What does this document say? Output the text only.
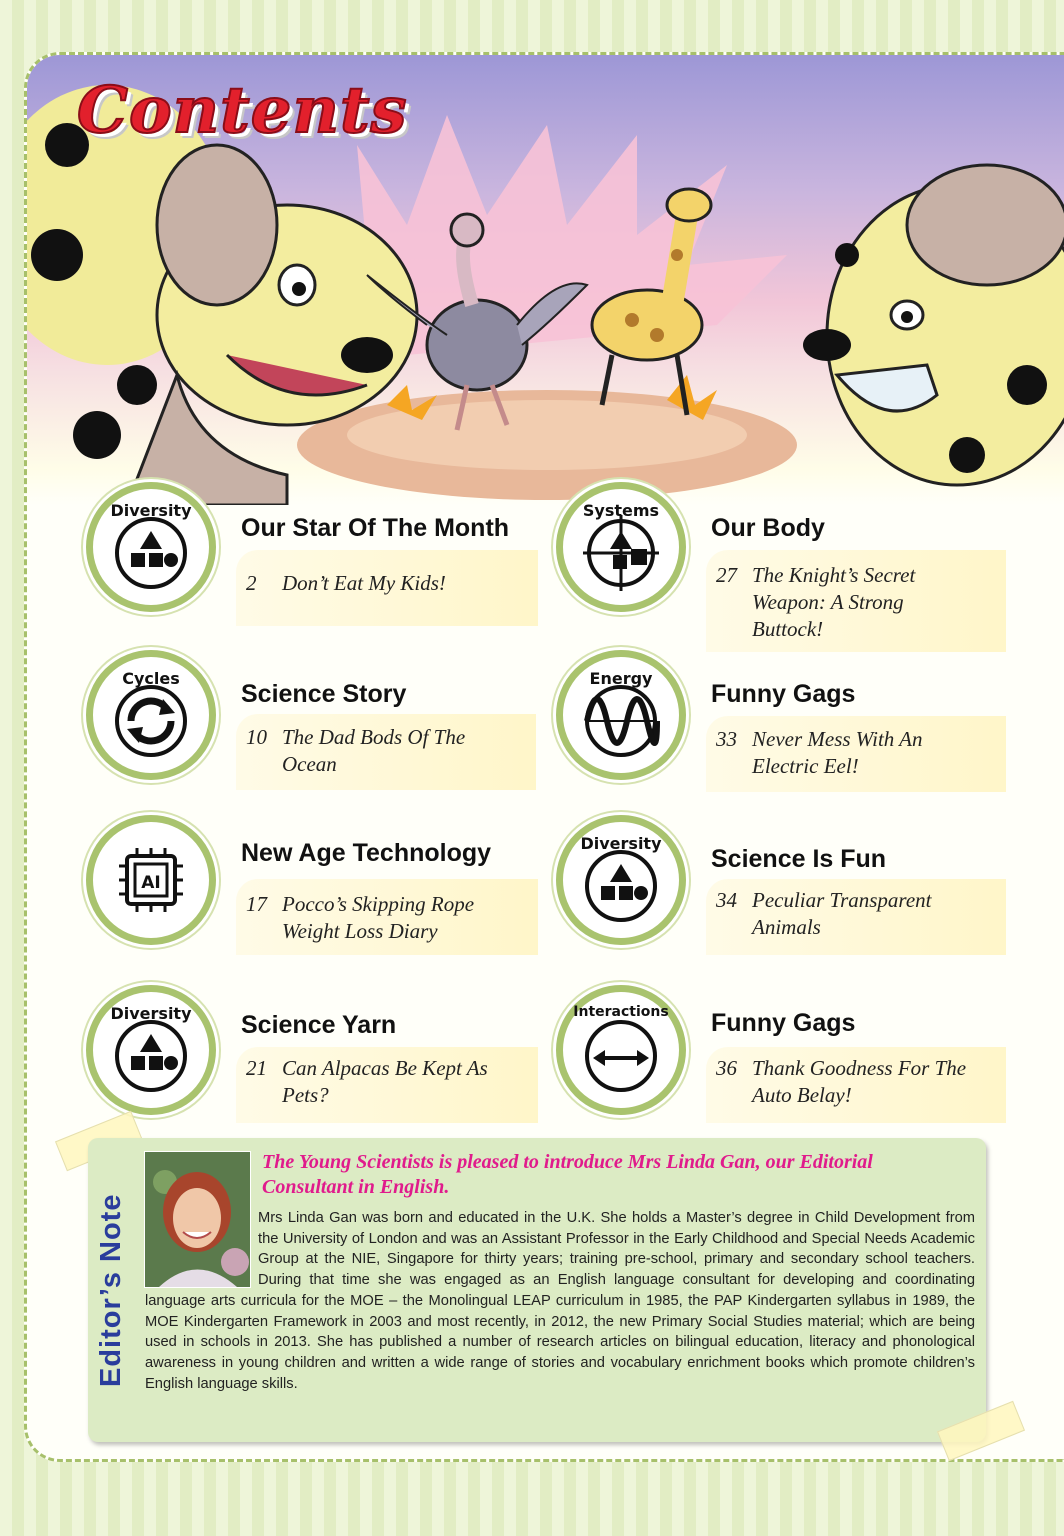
Contents
Diversity
Our Star Of The Month
2 Don’t Eat My Kids!
Systems
Our Body
27 The Knight’s Secret Weapon: A Strong Buttock!
Cycles
Science Story
10 The Dad Bods Of The Ocean
Energy
Funny Gags
33 Never Mess With An Electric Eel!
AI
New Age Technology
17 Pocco’s Skipping Rope Weight Loss Diary
Diversity
Science Is Fun
34 Peculiar Transparent Animals
Diversity	Science Yarn
21 Can Alpacas Be Kept As Pets?
Interactions	Funny Gags
36 Thank Goodness For The Auto Belay!
Editor’s Note
The Young Scientists is pleased to introduce Mrs Linda Gan, our Editorial Consultant in English.
Mrs Linda Gan was born and educated in the U.K. She holds a Master’s degree in Child Development from the University of London and was an Assistant Professor in the Early Childhood and Special Needs Academic Group at the NIE, Singapore for thirty years; training pre-school, primary and secondary school teachers. During that time she was engaged as an English language consultant for developing and coordinating language arts curricula for the MOE – the Monolingual LEAP curriculum in 1985, the PAP Kindergarten syllabus in 1989, the MOE Kindergarten Framework in 2003 and most recently, in 2012, the new Primary Social Studies material; which are being used in schools in 2013. She has published a number of research articles on bilingual education, literacy and phonological awareness in young children and written a wide range of stories and vocabulary enrichment books which promote children’s English language skills.
